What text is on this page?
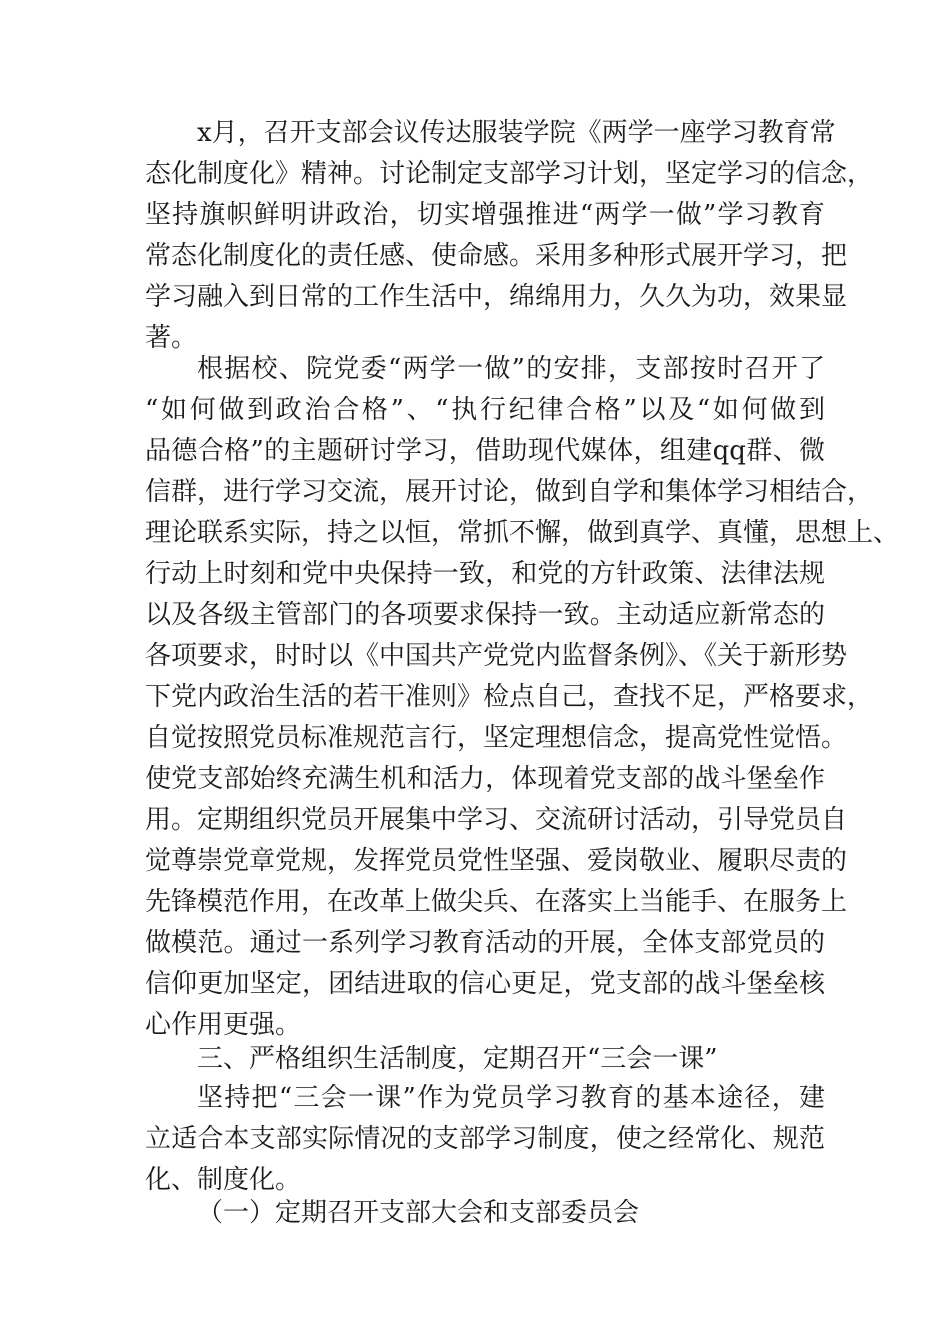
x月，召开支部会议传达服装学院《两学一座学习教育常
态化制度化》精神。讨论制定支部学习计划，坚定学习的信念，
坚持旗帜鲜明讲政治，切实增强推进“两学一做”学习教育
常态化制度化的责任感、使命感。采用多种形式展开学习，把
学习融入到日常的工作生活中，绵绵用力，久久为功，效果显
著。
根据校、院党委“两学一做”的安排，支部按时召开了
“如何做到政治合格”、“执行纪律合格”以及“如何做到
品德合格”的主题研讨学习，借助现代媒体，组建qq群、微
信群，进行学习交流，展开讨论，做到自学和集体学习相结合，
理论联系实际，持之以恒，常抓不懈，做到真学、真懂，思想上、
行动上时刻和党中央保持一致，和党的方针政策、法律法规
以及各级主管部门的各项要求保持一致。主动适应新常态的
各项要求，时时以《中国共产党党内监督条例》、《关于新形势
下党内政治生活的若干准则》检点自己，查找不足，严格要求，
自觉按照党员标准规范言行，坚定理想信念，提高党性觉悟。
使党支部始终充满生机和活力，体现着党支部的战斗堡垒作
用。定期组织党员开展集中学习、交流研讨活动，引导党员自
觉尊崇党章党规，发挥党员党性坚强、爱岗敬业、履职尽责的
先锋模范作用，在改革上做尖兵、在落实上当能手、在服务上
做模范。通过一系列学习教育活动的开展，全体支部党员的
信仰更加坚定，团结进取的信心更足，党支部的战斗堡垒核
心作用更强。
三、严格组织生活制度，定期召开“三会一课”
坚持把“三会一课”作为党员学习教育的基本途径，建
立适合本支部实际情况的支部学习制度，使之经常化、规范
化、制度化。
（一）定期召开支部大会和支部委员会
